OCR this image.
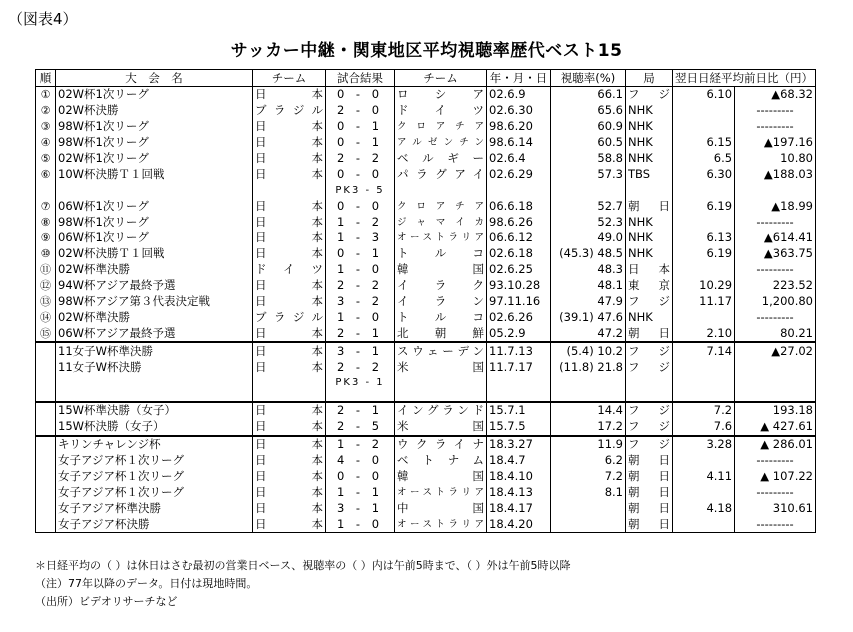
（図表4）
サッカー中継・関東地区平均視聴率歴代ベスト15
順	大　会　名	チーム	試合結果	チーム	年・月・日	視聴率(%)	局	翌日日経平均前日比（円）	
①	02W杯1次リーグ	日本	0 - 0	ロシア	02.6.9	66.1	フジ	6.10	▲68.32
②	02W杯決勝	ブラジル	2 - 0	ドイツ	02.6.30	65.6	NHK		---------
③	98W杯1次リーグ	日本	0 - 1	クロアチア	98.6.20	60.9	NHK		---------
④	98W杯1次リーグ	日本	0 - 1	アルゼンチン	98.6.14	60.5	NHK	6.15	▲197.16
⑤	02W杯1次リーグ	日本	2 - 2	ベルギー	02.6.4	58.8	NHK	6.5	10.80
⑥	10W杯決勝Ｔ１回戦	日本	0 - 0	パラグアイ	02.6.29	57.3	TBS	6.30	▲188.03
			PK3 - 5						
⑦	06W杯1次リーグ	日本	0 - 0	クロアチア	06.6.18	52.7	朝日	6.19	▲18.99
⑧	98W杯1次リーグ	日本	1 - 2	ジャマイカ	98.6.26	52.3	NHK		---------
⑨	06W杯1次リーグ	日本	1 - 3	オーストラリア	06.6.12	49.0	NHK	6.13	▲614.41
⑩	02W杯決勝Ｔ１回戦	日本	0 - 1	トルコ	02.6.18	(45.3) 48.5	NHK	6.19	▲363.75
⑪	02W杯準決勝	ドイツ	1 - 0	韓国	02.6.25	48.3	日本		---------
⑫	94W杯アジア最終予選	日本	2 - 2	イラク	93.10.28	48.1	東京	10.29	223.52
⑬	98W杯アジア第３代表決定戦	日本	3 - 2	イラン	97.11.16	47.9	フジ	11.17	1,200.80
⑭	02W杯準決勝	ブラジル	1 - 0	トルコ	02.6.26	(39.1) 47.6	NHK		---------
⑮	06W杯アジア最終予選	日本	2 - 1	北朝鮮	05.2.9	47.2	朝日	2.10	80.21
	11女子W杯準決勝	日本	3 - 1	スウェーデン	11.7.13	(5.4) 10.2	フジ	7.14	▲27.02
	11女子W杯決勝	日本	2 - 2	米国	11.7.17	(11.8) 21.8	フジ		
			PK3 - 1						

	15W杯準決勝（女子）	日本	2 - 1	イングランド	15.7.1	14.4	フジ	7.2	193.18
	15W杯決勝（女子）	日本	2 - 5	米国	15.7.5	17.2	フジ	7.6	▲ 427.61
	キリンチャレンジ杯	日本	1 - 2	ウクライナ	18.3.27	11.9	フジ	3.28	▲ 286.01
	女子アジア杯１次リーグ	日本	4 - 0	ベトナム	18.4.7	6.2	朝日		---------
	女子アジア杯１次リーグ	日本	0 - 0	韓国	18.4.10	7.2	朝日	4.11	▲ 107.22
	女子アジア杯１次リーグ	日本	1 - 1	オーストラリア	18.4.13	8.1	朝日		---------
	女子アジア杯準決勝	日本	3 - 1	中国	18.4.17		朝日	4.18	310.61
	女子アジア杯決勝	日本	1 - 0	オーストラリア	18.4.20		朝日		---------
＊日経平均の（ ）は休日はさむ最初の営業日ベース、視聴率の（ ）内は午前5時まで、（ ）外は午前5時以降
（注）77年以降のデータ。日付は現地時間。
（出所）ビデオリサーチなど
